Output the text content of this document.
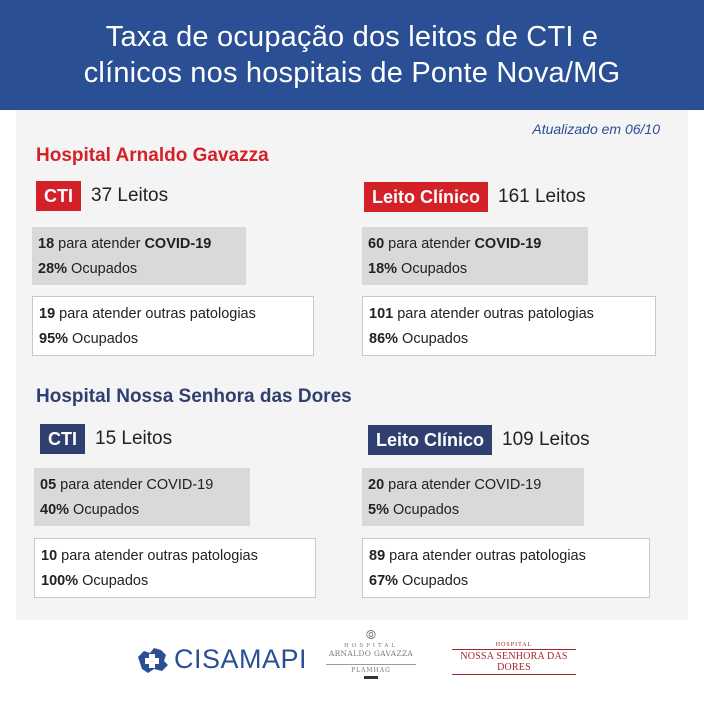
Taxa de ocupação dos leitos de CTI e
clínicos nos hospitais de Ponte Nova/MG
Atualizado em 06/10
Hospital Arnaldo Gavazza
CTI 37 Leitos
18 para atender COVID-19
28% Ocupados
19 para atender outras patologias
95% Ocupados
Leito Clínico 161 Leitos
60 para atender COVID-19
18% Ocupados
101 para atender outras patologias
86% Ocupados
Hospital Nossa Senhora das Dores
CTI 15 Leitos
05 para atender COVID-19
40% Ocupados
10 para atender outras patologias
100% Ocupados
Leito Clínico 109 Leitos
20 para atender COVID-19
5% Ocupados
89 para atender outras patologias
67% Ocupados
CISAMAPI
⦾
HOSPITAL
ARNALDO GAVAZZA
PLAMHAG
HOSPITAL
NOSSA SENHORA DAS DORES
